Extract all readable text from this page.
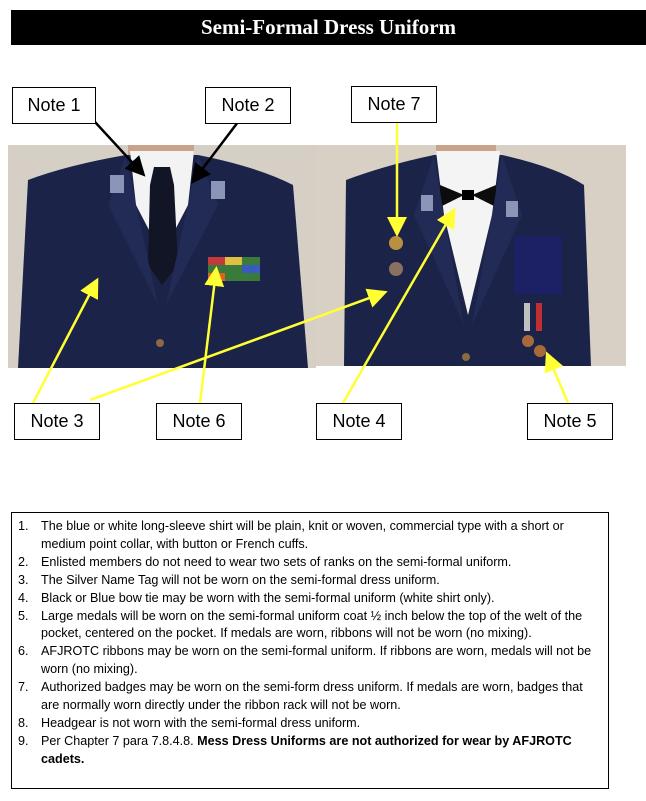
Semi-Formal Dress Uniform
Note 1	Note 2	Note 7
Note 3	Note 6	Note 4	Note 5
1. The blue or white long-sleeve shirt will be plain, knit or woven, commercial type with a short or medium point collar, with button or French cuffs.
2. Enlisted members do not need to wear two sets of ranks on the semi-formal uniform.
3. The Silver Name Tag will not be worn on the semi-formal dress uniform.
4. Black or Blue bow tie may be worn with the semi-formal uniform (white shirt only).
5. Large medals will be worn on the semi-formal uniform coat ½ inch below the top of the welt of the pocket, centered on the pocket. If medals are worn, ribbons will not be worn (no mixing).
6. AFJROTC ribbons may be worn on the semi-formal uniform. If ribbons are worn, medals will not be worn (no mixing).
7. Authorized badges may be worn on the semi-form dress uniform. If medals are worn, badges that are normally worn directly under the ribbon rack will not be worn.
8. Headgear is not worn with the semi-formal dress uniform.
9. Per Chapter 7 para 7.8.4.8. Mess Dress Uniforms are not authorized for wear by AFJROTC cadets.
